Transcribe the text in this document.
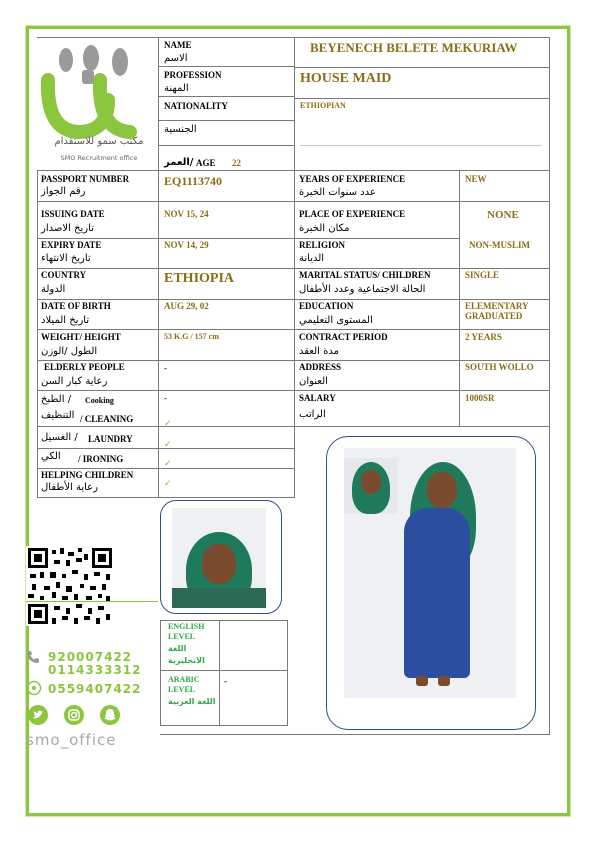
مكتب سمو للاستقدام
SMO Recruitment office
NAME
الاسم
BEYENECH BELETE MEKURIAW
PROFESSION
المهنة
HOUSE MAID
NATIONALITY
الجنسية
ETHIOPIAN
العمر/ AGE 22
PASSPORT NUMBER
رقم الجواز
EQ1113740
ISSUING DATE
تاريخ الاصدار
NOV 15, 24
EXPIRY DATE
تاريخ الانتهاء
NOV 14, 29
COUNTRY
الدولة
ETHIOPIA
DATE OF BIRTH
تاريخ الميلاد
AUG 29, 02
WEIGHT/ HEIGHT
الطول /الوزن
53 K.G / 157 cm
ELDERLY PEOPLE
رعاية كبار السن
-
الطبخ / Cooking	-
التنظيف / CLEANING	✓
الغسيل / LAUNDRY	✓
الكي / IRONING	✓
HELPING CHILDREN
رعاية الأطفال	✓
YEARS OF EXPERIENCE
عدد سنوات الخبرة
NEW
PLACE OF EXPERIENCE
مكان الخبرة
NONE
RELIGION
الديانة
NON-MUSLIM
MARITAL STATUS/ CHILDREN
الحالة الاجتماعية وعدد الأطفال
SINGLE
EDUCATION
المستوى التعليمي
ELEMENTARY GRADUATED
CONTRACT PERIOD
مدة العقد
2 YEARS
ADDRESS
العنوان
SOUTH WOLLO
SALARY
الراتب
1000SR
ENGLISH LEVEL
اللغة الانجليزية
ARABIC LEVEL
اللغة العربية
-
920007422
0114333312
0559407422
smo_office
